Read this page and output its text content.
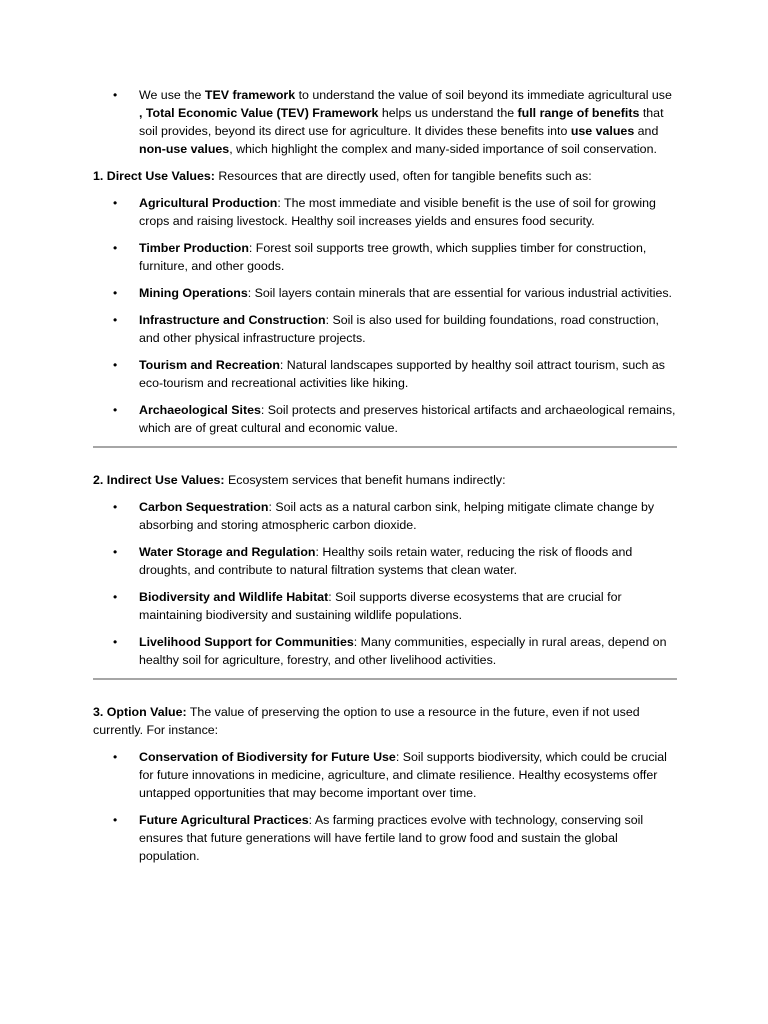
• We use the TEV framework to understand the value of soil beyond its immediate agricultural use , Total Economic Value (TEV) Framework helps us understand the full range of benefits that soil provides, beyond its direct use for agriculture. It divides these benefits into use values and non-use values, which highlight the complex and many-sided importance of soil conservation.

1. Direct Use Values: Resources that are directly used, often for tangible benefits such as:

• Agricultural Production: The most immediate and visible benefit is the use of soil for growing crops and raising livestock. Healthy soil increases yields and ensures food security.
• Timber Production: Forest soil supports tree growth, which supplies timber for construction, furniture, and other goods.
• Mining Operations: Soil layers contain minerals that are essential for various industrial activities.
• Infrastructure and Construction: Soil is also used for building foundations, road construction, and other physical infrastructure projects.
• Tourism and Recreation: Natural landscapes supported by healthy soil attract tourism, such as eco-tourism and recreational activities like hiking.
• Archaeological Sites: Soil protects and preserves historical artifacts and archaeological remains, which are of great cultural and economic value.

2. Indirect Use Values: Ecosystem services that benefit humans indirectly:

• Carbon Sequestration: Soil acts as a natural carbon sink, helping mitigate climate change by absorbing and storing atmospheric carbon dioxide.
• Water Storage and Regulation: Healthy soils retain water, reducing the risk of floods and droughts, and contribute to natural filtration systems that clean water.
• Biodiversity and Wildlife Habitat: Soil supports diverse ecosystems that are crucial for maintaining biodiversity and sustaining wildlife populations.
• Livelihood Support for Communities: Many communities, especially in rural areas, depend on healthy soil for agriculture, forestry, and other livelihood activities.

3. Option Value: The value of preserving the option to use a resource in the future, even if not used currently. For instance:

• Conservation of Biodiversity for Future Use: Soil supports biodiversity, which could be crucial for future innovations in medicine, agriculture, and climate resilience. Healthy ecosystems offer untapped opportunities that may become important over time.
• Future Agricultural Practices: As farming practices evolve with technology, conserving soil ensures that future generations will have fertile land to grow food and sustain the global population.
